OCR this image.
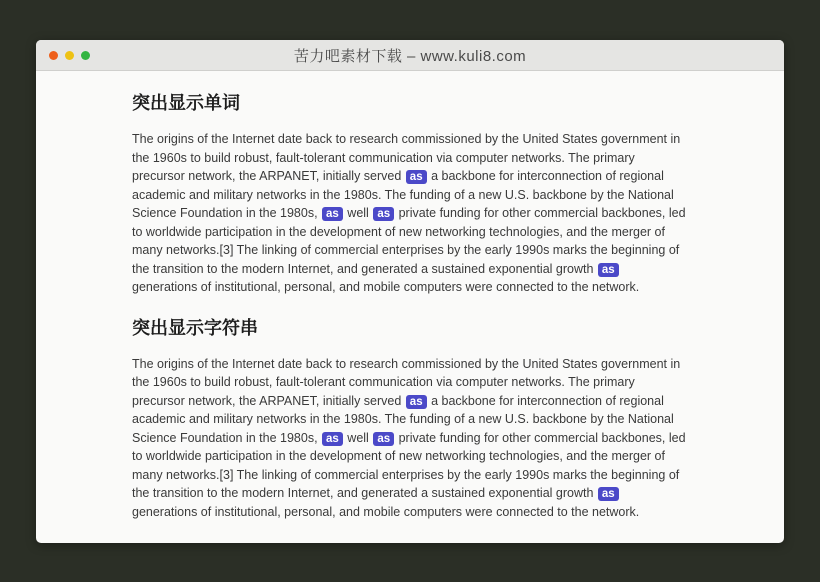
苦力吧素材下载 – www.kuli8.com
突出显示单词
The origins of the Internet date back to research commissioned by the United States government in
the 1960s to build robust, fault-tolerant communication via computer networks. The primary
precursor network, the ARPANET, initially served as a backbone for interconnection of regional
academic and military networks in the 1980s. The funding of a new U.S. backbone by the National
Science Foundation in the 1980s, as well as private funding for other commercial backbones, led
to worldwide participation in the development of new networking technologies, and the merger of
many networks.[3] The linking of commercial enterprises by the early 1990s marks the beginning of
the transition to the modern Internet, and generated a sustained exponential growth as
generations of institutional, personal, and mobile computers were connected to the network.
突出显示字符串
The origins of the Internet date back to research commissioned by the United States government in
the 1960s to build robust, fault-tolerant communication via computer networks. The primary
precursor network, the ARPANET, initially served as a backbone for interconnection of regional
academic and military networks in the 1980s. The funding of a new U.S. backbone by the National
Science Foundation in the 1980s, as well as private funding for other commercial backbones, led
to worldwide participation in the development of new networking technologies, and the merger of
many networks.[3] The linking of commercial enterprises by the early 1990s marks the beginning of
the transition to the modern Internet, and generated a sustained exponential growth as
generations of institutional, personal, and mobile computers were connected to the network.
